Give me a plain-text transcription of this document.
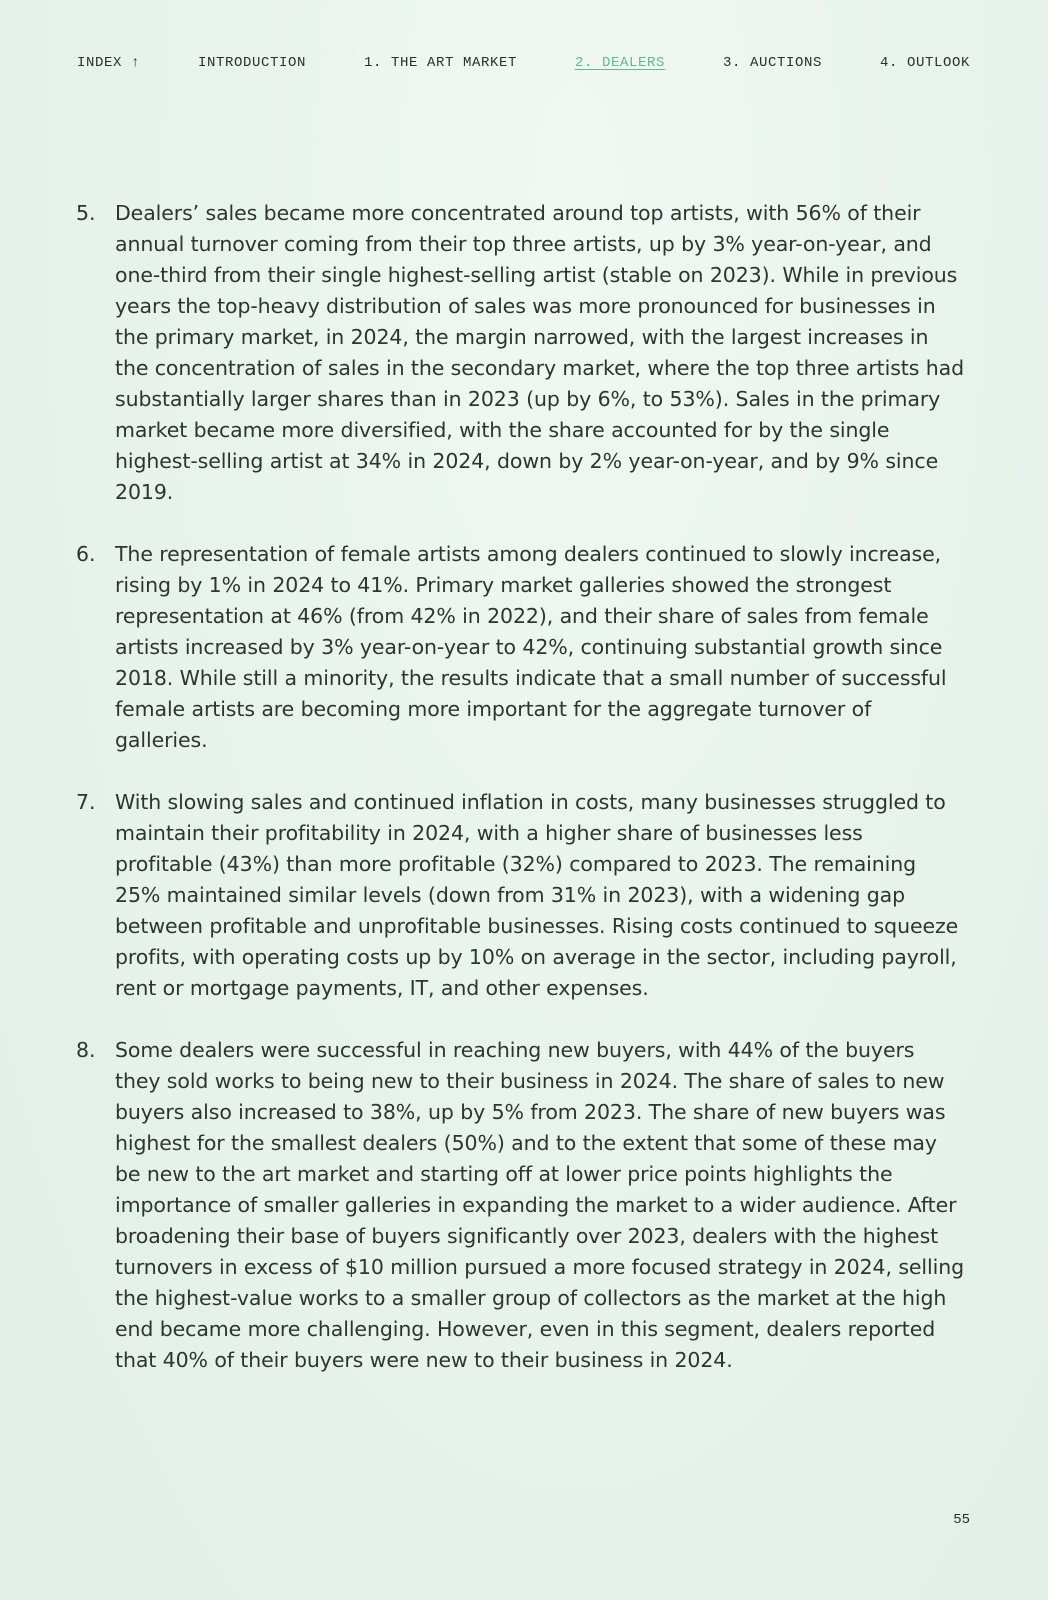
INDEX ↑	INTRODUCTION	1. THE ART MARKET	2. DEALERS	3. AUCTIONS	4. OUTLOOK
5. Dealers’ sales became more concentrated around top artists, with 56% of their annual turnover coming from their top three artists, up by 3% year-on-year, and one-third from their single highest-selling artist (stable on 2023). While in previous years the top-heavy distribution of sales was more pronounced for businesses in the primary market, in 2024, the margin narrowed, with the largest increases in the concentration of sales in the secondary market, where the top three artists had substantially larger shares than in 2023 (up by 6%, to 53%). Sales in the primary market became more diversified, with the share accounted for by the single highest-selling artist at 34% in 2024, down by 2% year-on-year, and by 9% since 2019.

6. The representation of female artists among dealers continued to slowly increase, rising by 1% in 2024 to 41%. Primary market galleries showed the strongest representation at 46% (from 42% in 2022), and their share of sales from female artists increased by 3% year-on-year to 42%, continuing substantial growth since 2018. While still a minority, the results indicate that a small number of successful female artists are becoming more important for the aggregate turnover of galleries.

7. With slowing sales and continued inflation in costs, many businesses struggled to maintain their profitability in 2024, with a higher share of businesses less profitable (43%) than more profitable (32%) compared to 2023. The remaining 25% maintained similar levels (down from 31% in 2023), with a widening gap between profitable and unprofitable businesses. Rising costs continued to squeeze profits, with operating costs up by 10% on average in the sector, including payroll, rent or mortgage payments, IT, and other expenses.

8. Some dealers were successful in reaching new buyers, with 44% of the buyers they sold works to being new to their business in 2024. The share of sales to new buyers also increased to 38%, up by 5% from 2023. The share of new buyers was highest for the smallest dealers (50%) and to the extent that some of these may be new to the art market and starting off at lower price points highlights the importance of smaller galleries in expanding the market to a wider audience. After broadening their base of buyers significantly over 2023, dealers with the highest turnovers in excess of $10 million pursued a more focused strategy in 2024, selling the highest-value works to a smaller group of collectors as the market at the high end became more challenging. However, even in this segment, dealers reported that 40% of their buyers were new to their business in 2024.

55
